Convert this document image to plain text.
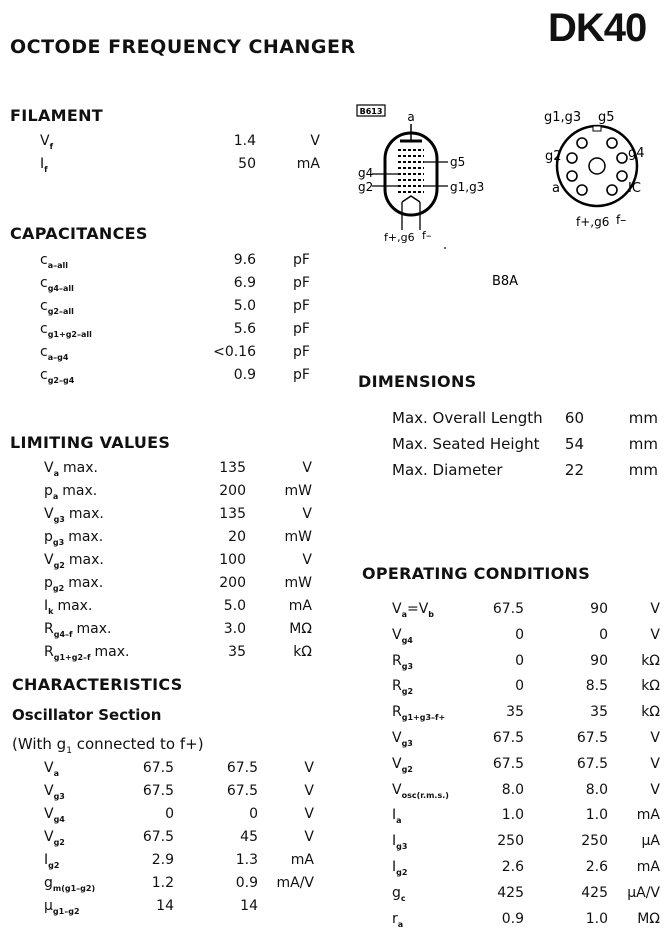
OCTODE FREQUENCY CHANGER	DK40
FILAMENT
$V_f$	1.4	V
$I_f$	50	mA
CAPACITANCES
$c_{a-all}$	9.6	pF
$c_{g4-all}$	6.9	pF
$c_{g2-all}$	5.0	pF
$c_{g1+g2-all}$	5.6	pF
$c_{a-g4}$	<0.16	pF
$c_{g2-g4}$	0.9	pF
LIMITING VALUES
$V_a$ max.	135	V
$p_a$ max.	200	mW
$V_{g3}$ max.	135	V
$p_{g3}$ max.	20	mW
$V_{g2}$ max.	100	V
$p_{g2}$ max.	200	mW
$I_k$ max.	5.0	mA
$R_{g4-f}$ max.	3.0	MΩ
$R_{g1+g2-f}$ max.	35	kΩ
CHARACTERISTICS
Oscillator Section
(With $g_1$ connected to f+)
$V_a$	67.5	67.5	V
$V_{g3}$	67.5	67.5	V
$V_{g4}$	0	0	V
$V_{g2}$	67.5	45	V
$I_{g2}$	2.9	1.3 mA
$g_{m(g1-g2)}$	1.2	0.9 mA/V
$\mu_{g1-g2}$	14	14
DIMENSIONS
Max. Overall Length 60	mm
Max. Seated Height 54	mm
Max. Diameter	22	mm
OPERATING CONDITIONS
$V_a=V_b$	67.5	90	V
$V_{g4}$	0	0	V
$R_{g3}$	0	90 kΩ
$R_{g2}$	0	8.5 kΩ
$R_{g1+g3-f+}$	35	35 kΩ
$V_{g3}$	67.5	67.5	V
$V_{g2}$	67.5	67.5	V
$V_{osc(r.m.s.)}$	8.0	8.0	V
$I_a$	1.0	1.0 mA
$I_{g3}$	250	250 μA
$I_{g2}$	2.6	2.6 mA
$g_c$	425	425 μA/V
$r_a$	0.9	1.0 MΩ
B613 a
g4
g2
g5
g1,g3
f+,g6 f–
g1,g3 g5
g4
IC
g2
a
f+,g6 f–
B8A
